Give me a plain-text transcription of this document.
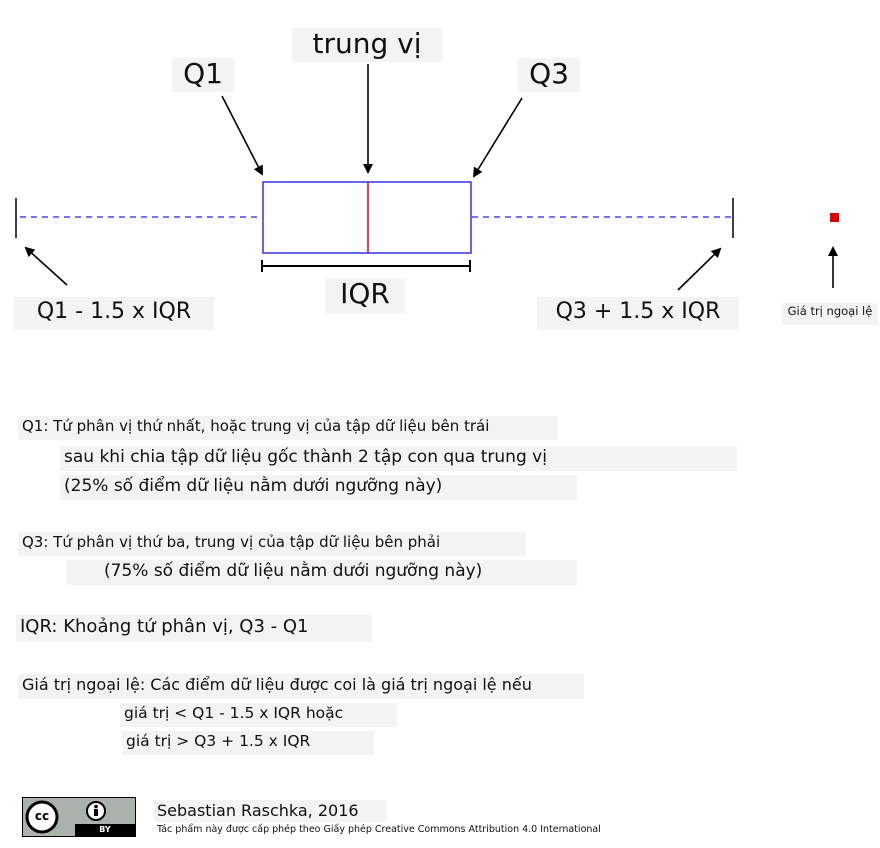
trung vị
Q1	Q3
IQR
Q1 - 1.5 x IQR	Q3 + 1.5 x IQR	Giá trị ngoại lệ
Q1: Tứ phân vị thứ nhất, hoặc trung vị của tập dữ liệu bên trái
sau khi chia tập dữ liệu gốc thành 2 tập con qua trung vị
(25% số điểm dữ liệu nằm dưới ngưỡng này)
Q3: Tứ phân vị thứ ba, trung vị của tập dữ liệu bên phải
(75% số điểm dữ liệu nằm dưới ngưỡng này)
IQR: Khoảng tứ phân vị, Q3 - Q1
Giá trị ngoại lệ: Các điểm dữ liệu được coi là giá trị ngoại lệ nếu
giá trị < Q1 - 1.5 x IQR hoặc
giá trị > Q3 + 1.5 x IQR
cc
BY
Sebastian Raschka, 2016
Tác phẩm này được cấp phép theo Giấy phép Creative Commons Attribution 4.0 International
